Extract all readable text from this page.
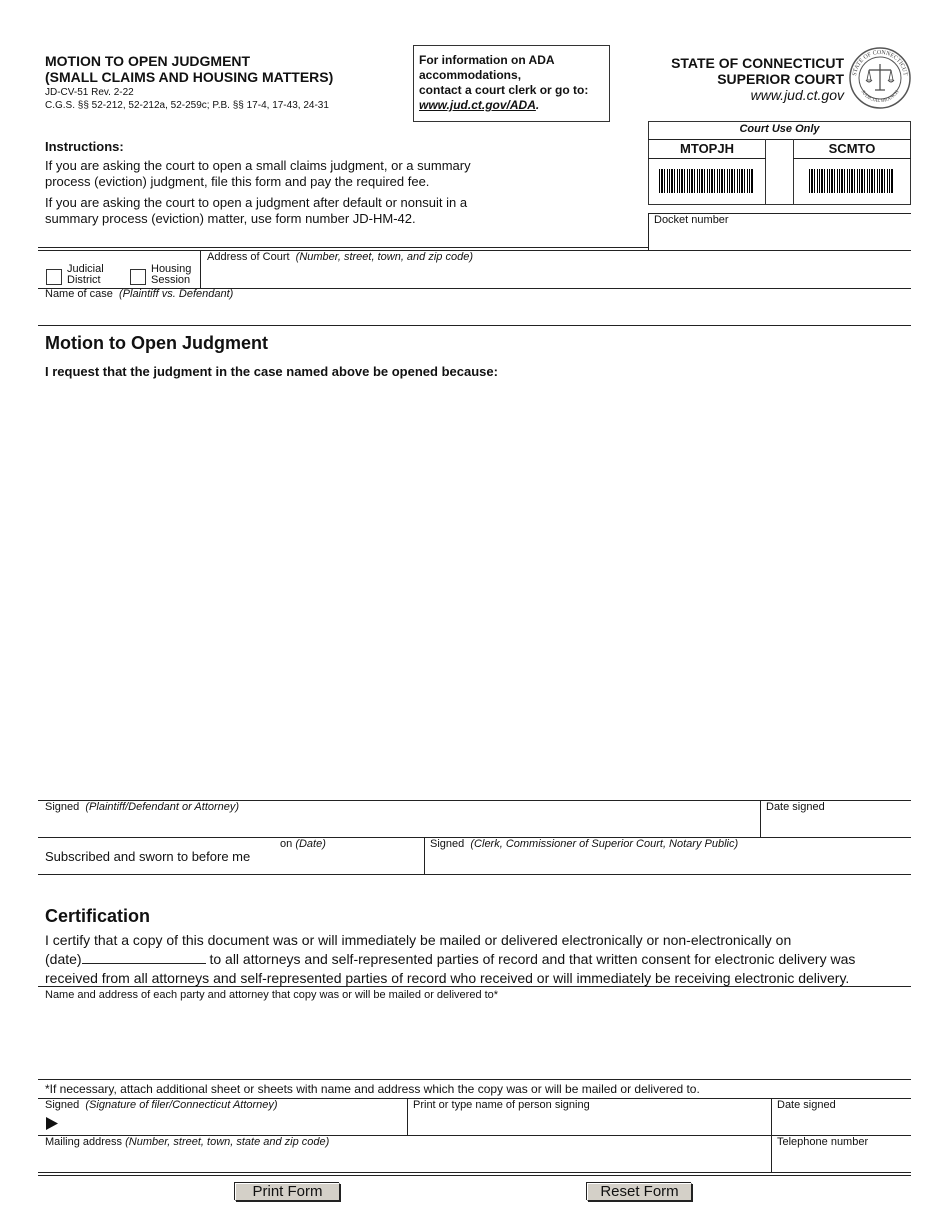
MOTION TO OPEN JUDGMENT
(SMALL CLAIMS AND HOUSING MATTERS)
JD-CV-51 Rev. 2-22
C.G.S. §§ 52-212, 52-212a, 52-259c; P.B. §§ 17-4, 17-43, 24-31
For information on ADA
accommodations,
contact a court clerk or go to:
www.jud.ct.gov/ADA.
STATE OF CONNECTICUT
SUPERIOR COURT
www.jud.ct.gov
STATE OF CONNECTICUT
JUDICIAL BRANCH
Court Use Only
MTOPJH	SCMTO
Docket number
Instructions:
If you are asking the court to open a small claims judgment, or a summary
process (eviction) judgment, file this form and pay the required fee.
If you are asking the court to open a judgment after default or nonsuit in a
summary process (eviction) matter, use form number JD-HM-42.
Judicial
District
Housing
Session
Address of Court (Number, street, town, and zip code)
Name of case (Plaintiff vs. Defendant)
Motion to Open Judgment
I request that the judgment in the case named above be opened because:
Signed (Plaintiff/Defendant or Attorney)	Date signed
Subscribed and sworn to before me
on (Date)	Signed (Clerk, Commissioner of Superior Court, Notary Public)
Certification
I certify that a copy of this document was or will immediately be mailed or delivered electronically or non-electronically on
(date)	to all attorneys and self-represented parties of record and that written consent for electronic delivery was
received from all attorneys and self-represented parties of record who received or will immediately be receiving electronic delivery.
Name and address of each party and attorney that copy was or will be mailed or delivered to*
*If necessary, attach additional sheet or sheets with name and address which the copy was or will be mailed or delivered to.
Signed (Signature of filer/Connecticut Attorney)	Print or type name of person signing	Date signed
Mailing address (Number, street, town, state and zip code)	Telephone number
Print Form	Reset Form
